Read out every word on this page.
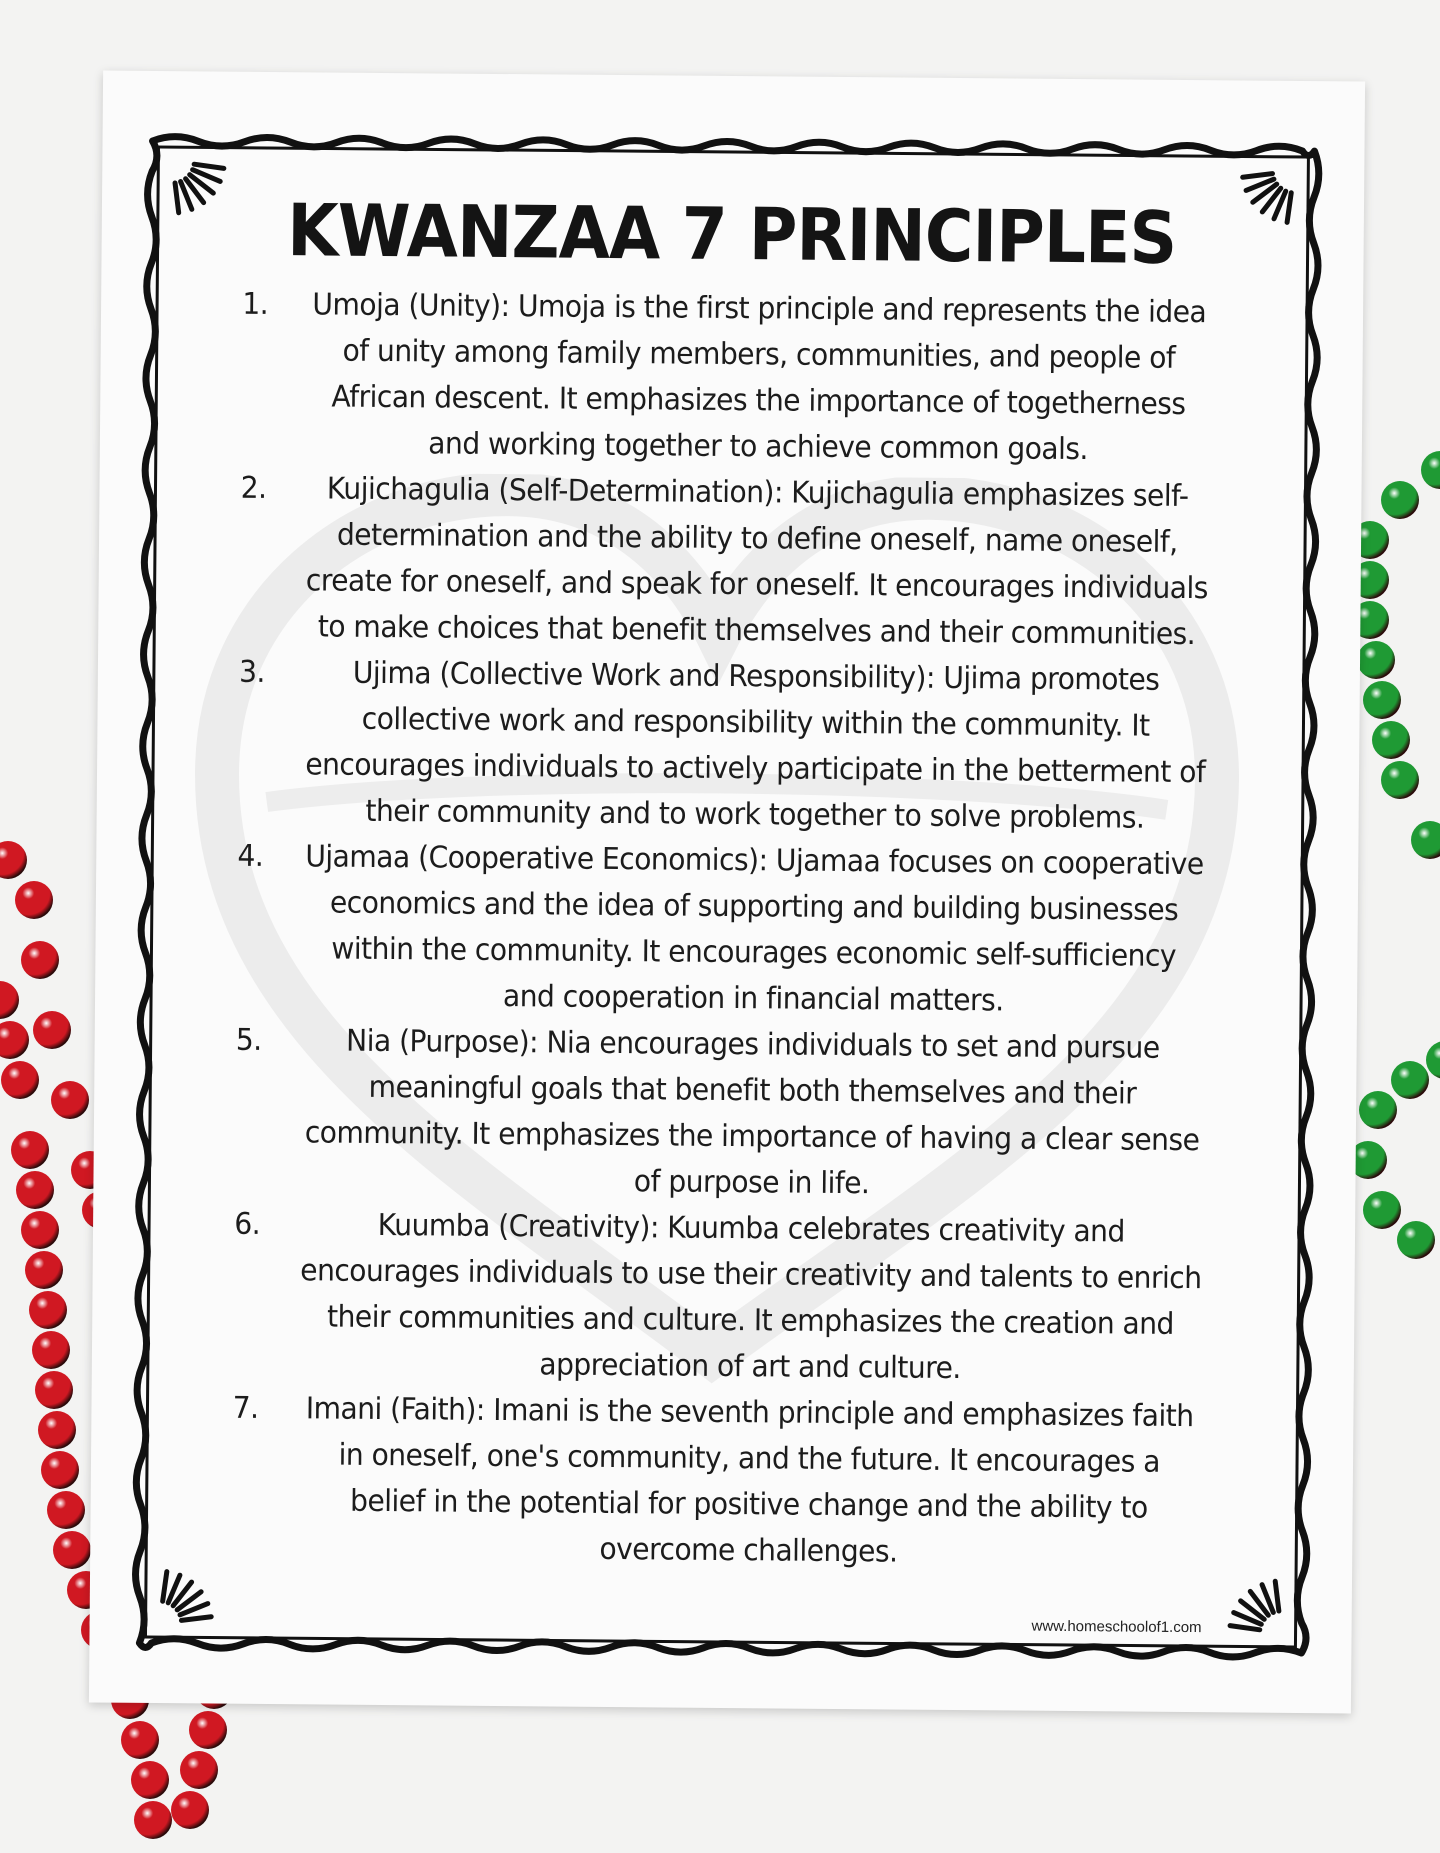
KWANZAA 7 PRINCIPLES
1.	Umoja (Unity): Umoja is the first principle and represents the idea of unity among family members, communities, and people of African descent. It emphasizes the importance of togetherness and working together to achieve common goals.
2.	Kujichagulia (Self-Determination): Kujichagulia emphasizes self-determination and the ability to define oneself, name oneself, create for oneself, and speak for oneself. It encourages individuals to make choices that benefit themselves and their communities.
3.	Ujima (Collective Work and Responsibility): Ujima promotes collective work and responsibility within the community. It encourages individuals to actively participate in the betterment of their community and to work together to solve problems.
4.	Ujamaa (Cooperative Economics): Ujamaa focuses on cooperative economics and the idea of supporting and building businesses within the community. It encourages economic self-sufficiency and cooperation in financial matters.
5.	Nia (Purpose): Nia encourages individuals to set and pursue meaningful goals that benefit both themselves and their community. It emphasizes the importance of having a clear sense of purpose in life.
6.	Kuumba (Creativity): Kuumba celebrates creativity and encourages individuals to use their creativity and talents to enrich their communities and culture. It emphasizes the creation and appreciation of art and culture.
7.	Imani (Faith): Imani is the seventh principle and emphasizes faith in oneself, one's community, and the future. It encourages a belief in the potential for positive change and the ability to overcome challenges.
www.homeschoolof1.com
